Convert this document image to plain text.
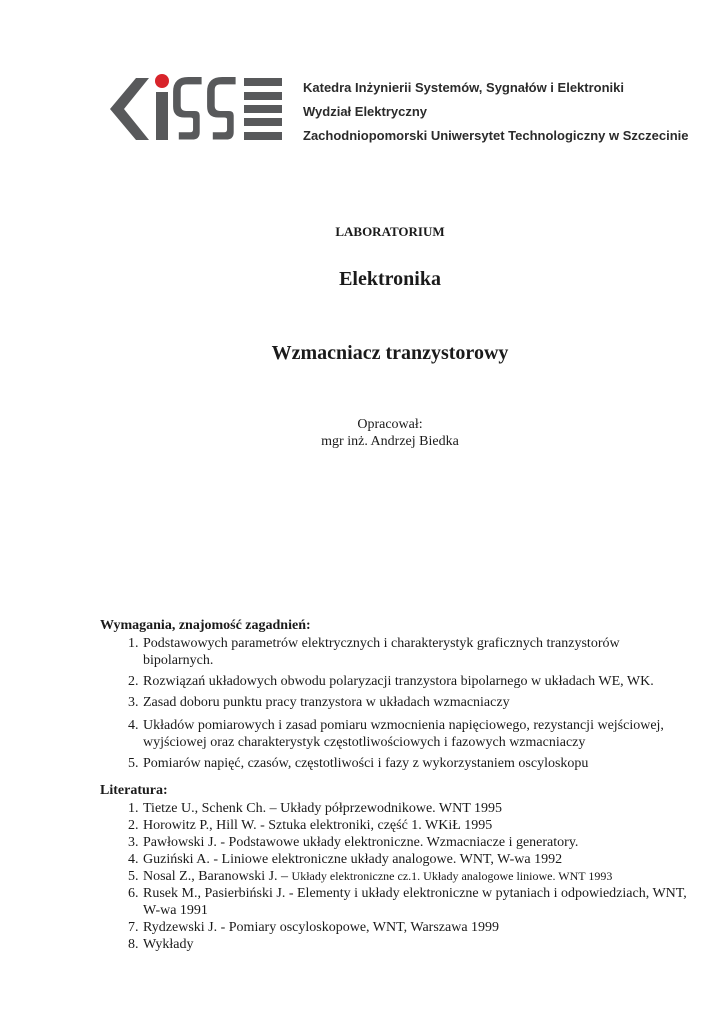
Katedra Inżynierii Systemów, Sygnałów i Elektroniki
Wydział Elektryczny
Zachodniopomorski Uniwersytet Technologiczny w Szczecinie
LABORATORIUM
Elektronika
Wzmacniacz tranzystorowy
Opracował:
mgr inż. Andrzej Biedka
Wymagania, znajomość zagadnień:
1. Podstawowych parametrów elektrycznych i charakterystyk graficznych tranzystorów bipolarnych.
2. Rozwiązań układowych obwodu polaryzacji tranzystora bipolarnego w układach WE, WK.
3. Zasad doboru punktu pracy tranzystora w układach wzmacniaczy
4. Układów pomiarowych i zasad pomiaru wzmocnienia napięciowego, rezystancji wejściowej, wyjściowej oraz charakterystyk częstotliwościowych i fazowych wzmacniaczy
5. Pomiarów napięć, czasów, częstotliwości i fazy z wykorzystaniem oscyloskopu
Literatura:
1. Tietze U., Schenk Ch. – Układy półprzewodnikowe. WNT 1995
2. Horowitz P., Hill W. - Sztuka elektroniki, część 1. WKiŁ 1995
3. Pawłowski J. - Podstawowe układy elektroniczne. Wzmacniacze i generatory.
4. Guziński A. - Liniowe elektroniczne układy analogowe. WNT, W-wa 1992
5. Nosal Z., Baranowski J. – Układy elektroniczne cz.1. Układy analogowe liniowe. WNT 1993
6. Rusek M., Pasierbiński J. - Elementy i układy elektroniczne w pytaniach i odpowiedziach, WNT, W-wa 1991
7. Rydzewski J. - Pomiary oscyloskopowe, WNT, Warszawa 1999
8. Wykłady
